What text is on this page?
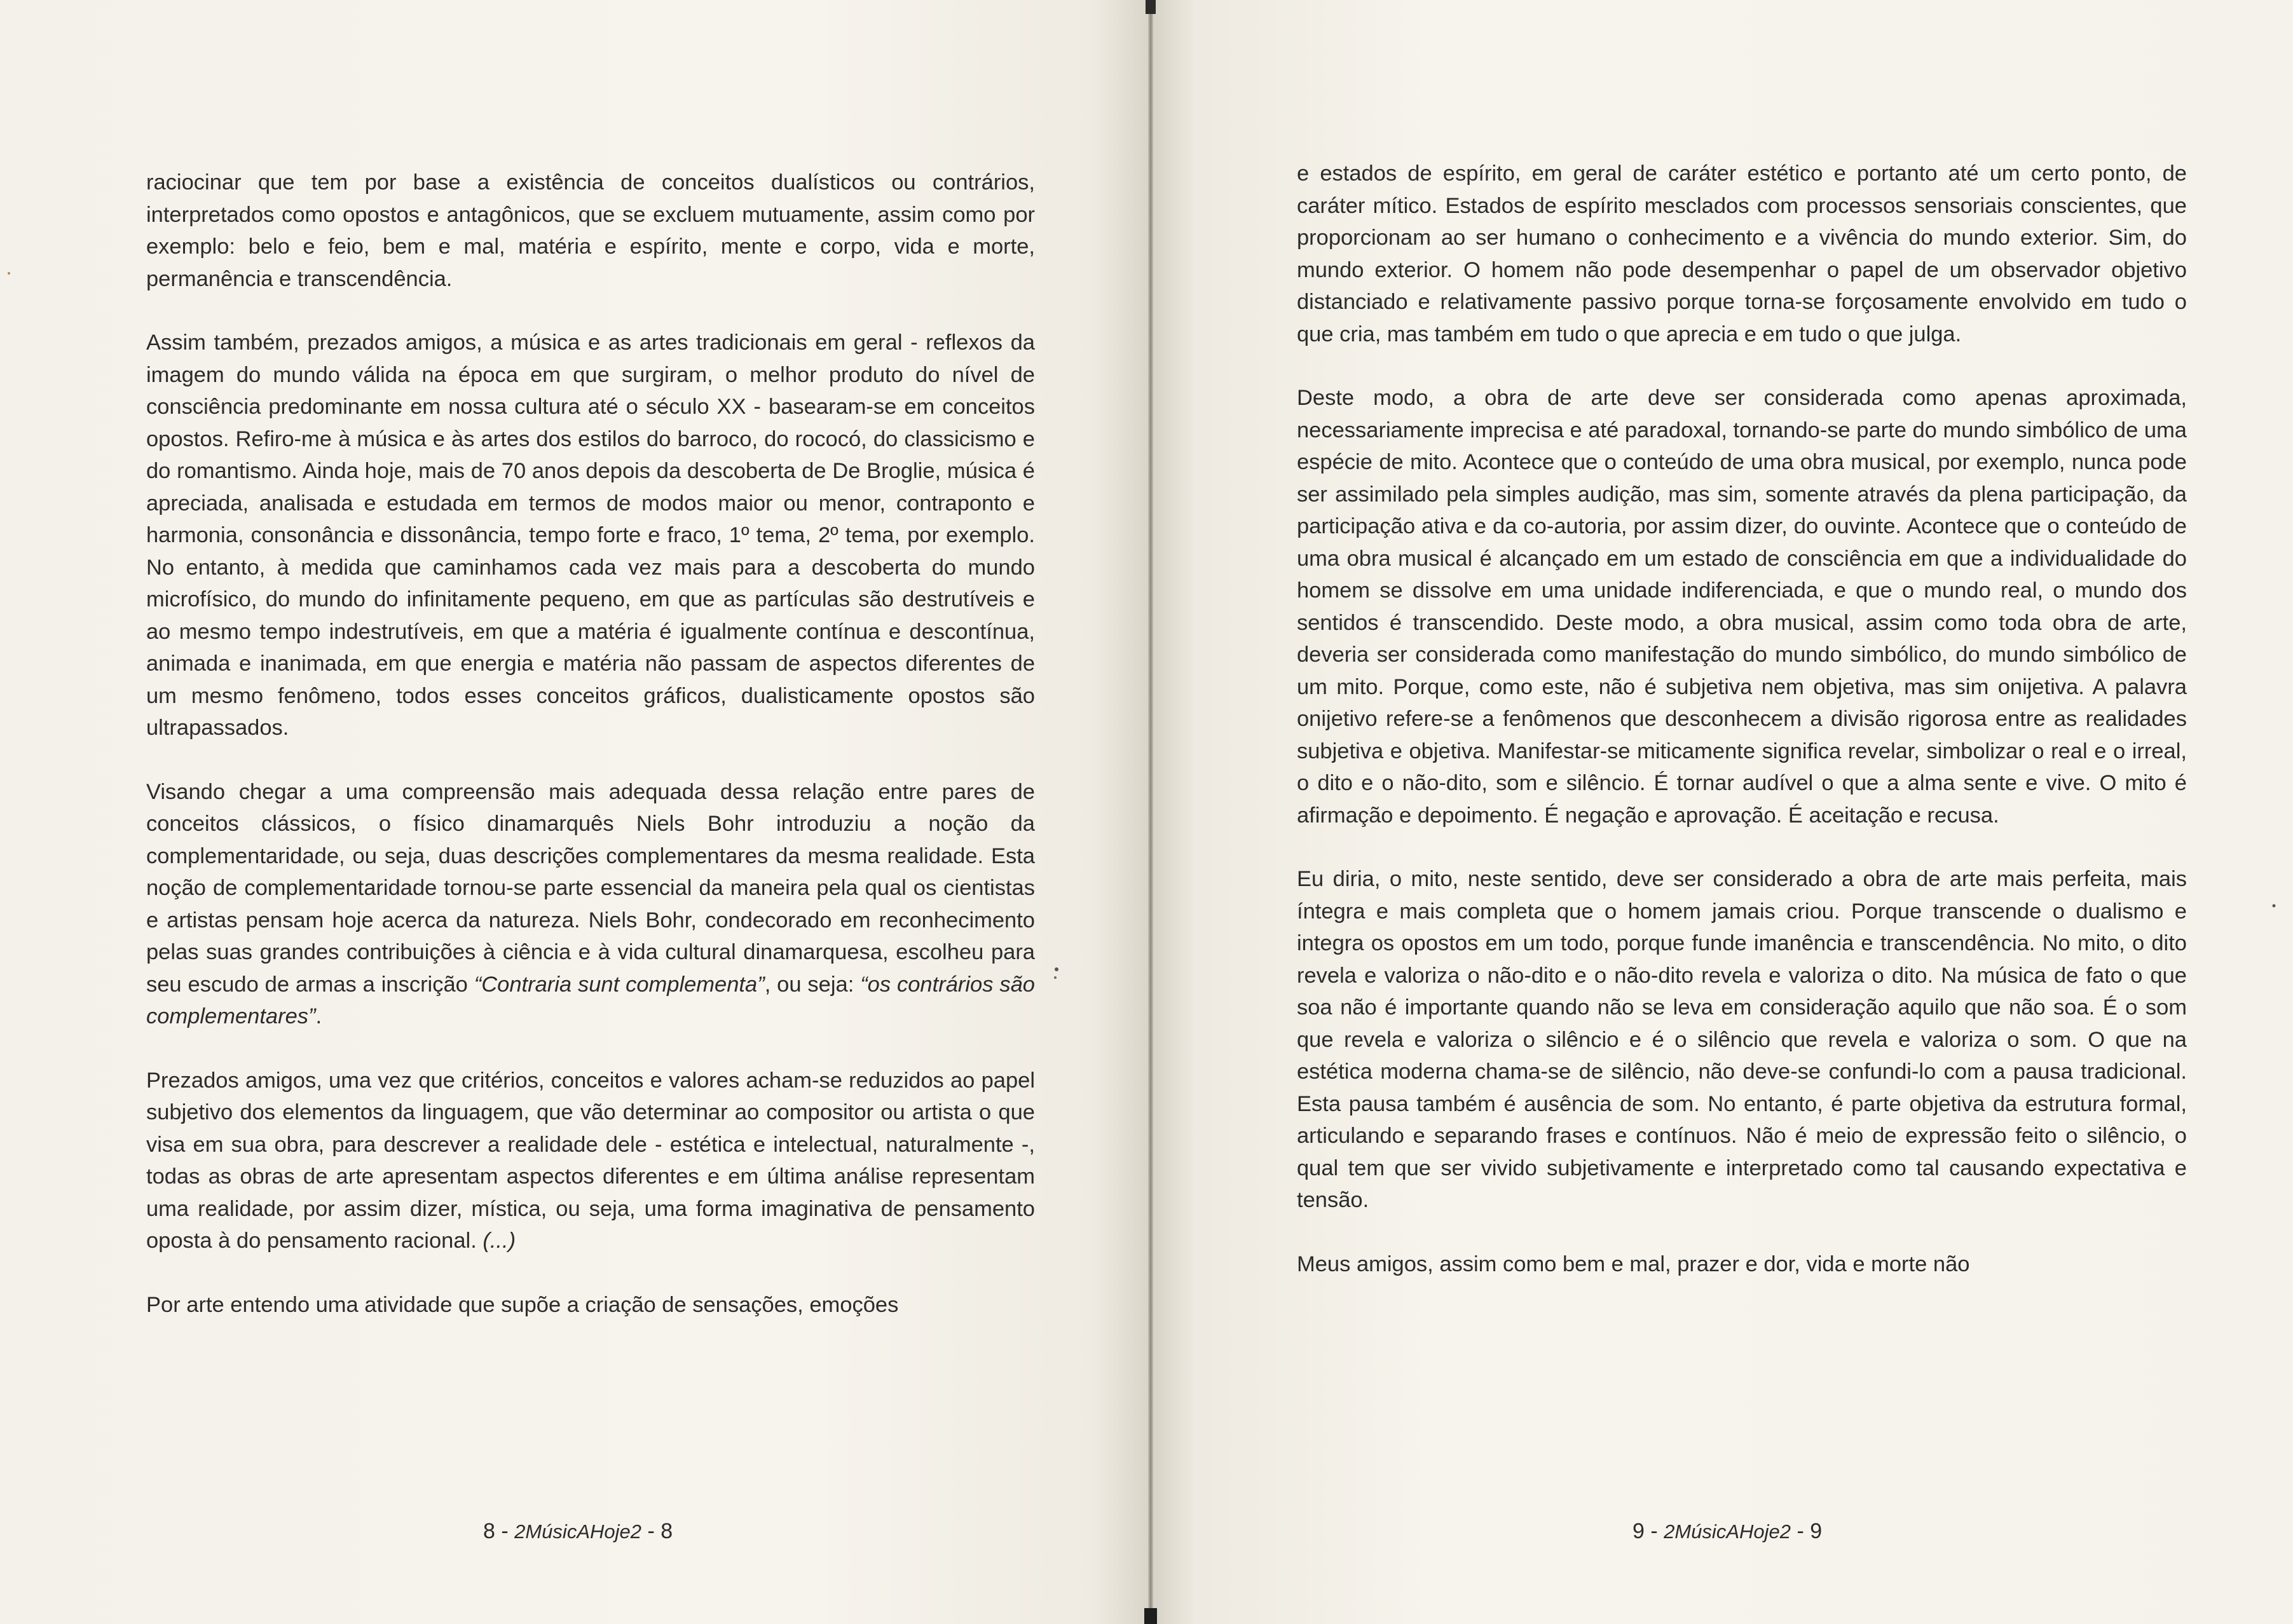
raciocinar que tem por base a existência de conceitos dualísticos ou contrários, interpretados como opostos e antagônicos, que se excluem mutuamente, assim como por exemplo: belo e feio, bem e mal, matéria e espírito, mente e corpo, vida e morte, permanência e transcendência.

Assim também, prezados amigos, a música e as artes tradicionais em geral - reflexos da imagem do mundo válida na época em que surgiram, o melhor produto do nível de consciência predominante em nossa cultura até o século XX - basearam-se em conceitos opostos. Refiro-me à música e às artes dos estilos do barroco, do rococó, do classicismo e do romantismo. Ainda hoje, mais de 70 anos depois da descoberta de De Broglie, música é apreciada, analisada e estudada em termos de modos maior ou menor, contraponto e harmonia, consonância e dissonância, tempo forte e fraco, 1º tema, 2º tema, por exemplo. No entanto, à medida que caminhamos cada vez mais para a descoberta do mundo microfísico, do mundo do infinitamente pequeno, em que as partículas são destrutíveis e ao mesmo tempo indestrutíveis, em que a matéria é igualmente contínua e descontínua, animada e inanimada, em que energia e matéria não passam de aspectos diferentes de um mesmo fenômeno, todos esses conceitos gráficos, dualisticamente opostos são ultrapassados.

Visando chegar a uma compreensão mais adequada dessa relação entre pares de conceitos clássicos, o físico dinamarquês Niels Bohr introduziu a noção da complementaridade, ou seja, duas descrições complementares da mesma realidade. Esta noção de complementaridade tornou-se parte essencial da maneira pela qual os cientistas e artistas pensam hoje acerca da natureza. Niels Bohr, condecorado em reconhecimento pelas suas grandes contribuições à ciência e à vida cultural dinamarquesa, escolheu para seu escudo de armas a inscrição “Contraria sunt complementa”, ou seja: “os contrários são complementares”.

Prezados amigos, uma vez que critérios, conceitos e valores acham-se reduzidos ao papel subjetivo dos elementos da linguagem, que vão determinar ao compositor ou artista o que visa em sua obra, para descrever a realidade dele - estética e intelectual, naturalmente -, todas as obras de arte apresentam aspectos diferentes e em última análise representam uma realidade, por assim dizer, mística, ou seja, uma forma imaginativa de pensamento oposta à do pensamento racional. (...)

Por arte entendo uma atividade que supõe a criação de sensações, emoções

8 - 2MúsicAHoje2 - 8

e estados de espírito, em geral de caráter estético e portanto até um certo ponto, de caráter mítico. Estados de espírito mesclados com processos sensoriais conscientes, que proporcionam ao ser humano o conhecimento e a vivência do mundo exterior. Sim, do mundo exterior. O homem não pode desempenhar o papel de um observador objetivo distanciado e relativamente passivo porque torna-se forçosamente envolvido em tudo o que cria, mas também em tudo o que aprecia e em tudo o que julga.

Deste modo, a obra de arte deve ser considerada como apenas aproximada, necessariamente imprecisa e até paradoxal, tornando-se parte do mundo simbólico de uma espécie de mito. Acontece que o conteúdo de uma obra musical, por exemplo, nunca pode ser assimilado pela simples audição, mas sim, somente através da plena participação, da participação ativa e da co-autoria, por assim dizer, do ouvinte. Acontece que o conteúdo de uma obra musical é alcançado em um estado de consciência em que a individualidade do homem se dissolve em uma unidade indiferenciada, e que o mundo real, o mundo dos sentidos é transcendido. Deste modo, a obra musical, assim como toda obra de arte, deveria ser considerada como manifestação do mundo simbólico, do mundo simbólico de um mito. Porque, como este, não é subjetiva nem objetiva, mas sim onijetiva. A palavra onijetivo refere-se a fenômenos que desconhecem a divisão rigorosa entre as realidades subjetiva e objetiva. Manifestar-se miticamente significa revelar, simbolizar o real e o irreal, o dito e o não-dito, som e silêncio. É tornar audível o que a alma sente e vive. O mito é afirmação e depoimento. É negação e aprovação. É aceitação e recusa.

Eu diria, o mito, neste sentido, deve ser considerado a obra de arte mais perfeita, mais íntegra e mais completa que o homem jamais criou. Porque transcende o dualismo e integra os opostos em um todo, porque funde imanência e transcendência. No mito, o dito revela e valoriza o não-dito e o não-dito revela e valoriza o dito. Na música de fato o que soa não é importante quando não se leva em consideração aquilo que não soa. É o som que revela e valoriza o silêncio e é o silêncio que revela e valoriza o som. O que na estética moderna chama-se de silêncio, não deve-se confundi-lo com a pausa tradicional. Esta pausa também é ausência de som. No entanto, é parte objetiva da estrutura formal, articulando e separando frases e contínuos. Não é meio de expressão feito o silêncio, o qual tem que ser vivido subjetivamente e interpretado como tal causando expectativa e tensão.

Meus amigos, assim como bem e mal, prazer e dor, vida e morte não

9 - 2MúsicAHoje2 - 9
